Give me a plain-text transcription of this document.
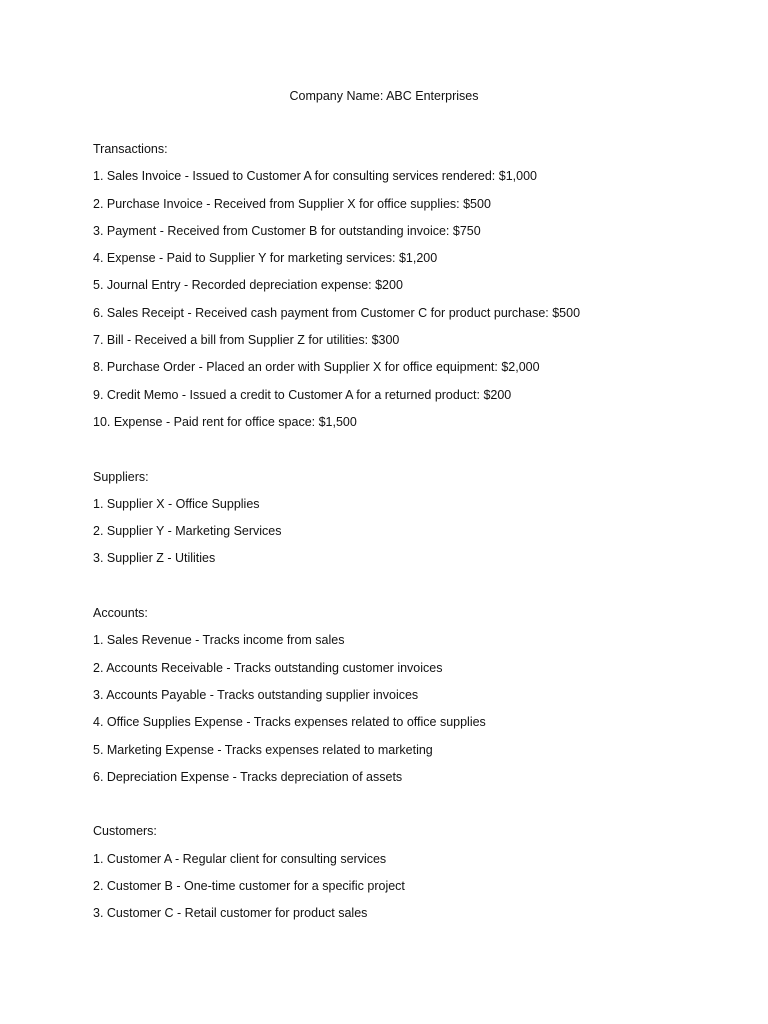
Company Name: ABC Enterprises

Transactions:

1. Sales Invoice - Issued to Customer A for consulting services rendered: $1,000
2. Purchase Invoice - Received from Supplier X for office supplies: $500
3. Payment - Received from Customer B for outstanding invoice: $750
4. Expense - Paid to Supplier Y for marketing services: $1,200
5. Journal Entry - Recorded depreciation expense: $200
6. Sales Receipt - Received cash payment from Customer C for product purchase: $500
7. Bill - Received a bill from Supplier Z for utilities: $300
8. Purchase Order - Placed an order with Supplier X for office equipment: $2,000
9. Credit Memo - Issued a credit to Customer A for a returned product: $200
10. Expense - Paid rent for office space: $1,500

Suppliers:

1. Supplier X - Office Supplies
2. Supplier Y - Marketing Services
3. Supplier Z - Utilities

Accounts:

1. Sales Revenue - Tracks income from sales
2. Accounts Receivable - Tracks outstanding customer invoices
3. Accounts Payable - Tracks outstanding supplier invoices
4. Office Supplies Expense - Tracks expenses related to office supplies
5. Marketing Expense - Tracks expenses related to marketing
6. Depreciation Expense - Tracks depreciation of assets

Customers:

1. Customer A - Regular client for consulting services
2. Customer B - One-time customer for a specific project
3. Customer C - Retail customer for product sales
